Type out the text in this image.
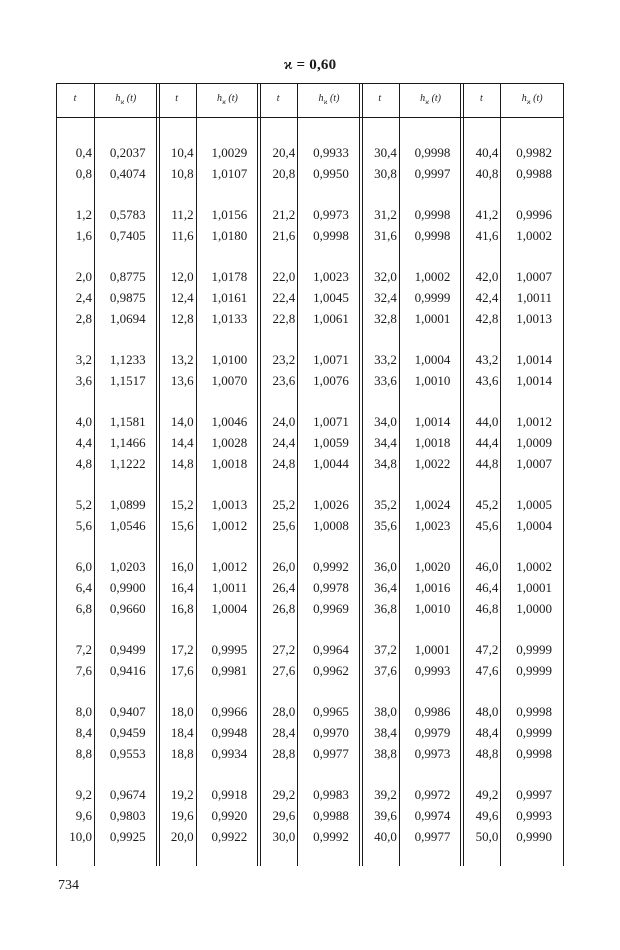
ϰ = 0,60
t	$h_ϰ$ (t)
0,4 0,2037
0,8 0,4074
1,2 0,5783
1,6 0,7405
2,0 0,8775
2,4 0,9875
2,8 1,0694
3,2 1,1233
3,6 1,1517
4,0 1,1581
4,4 1,1466
4,8 1,1222
5,2 1,0899
5,6 1,0546
6,0 1,0203
6,4 0,9900
6,8 0,9660
7,2 0,9499
7,6 0,9416
8,0 0,9407
8,4 0,9459
8,8 0,9553
9,2 0,9674
9,6 0,9803
10,0 0,9925
t	$h_ϰ$ (t)
10,4 1,0029
10,8 1,0107
11,2 1,0156
11,6 1,0180
12,0 1,0178
12,4 1,0161
12,8 1,0133
13,2 1,0100
13,6 1,0070
14,0 1,0046
14,4 1,0028
14,8 1,0018
15,2 1,0013
15,6 1,0012
16,0 1,0012
16,4 1,0011
16,8 1,0004
17,2 0,9995
17,6 0,9981
18,0 0,9966
18,4 0,9948
18,8 0,9934
19,2 0,9918
19,6 0,9920
20,0 0,9922
t	$h_ϰ$ (t)
20,4 0,9933
20,8 0,9950
21,2 0,9973
21,6 0,9998
22,0 1,0023
22,4 1,0045
22,8 1,0061
23,2 1,0071
23,6 1,0076
24,0 1,0071
24,4 1,0059
24,8 1,0044
25,2 1,0026
25,6 1,0008
26,0 0,9992
26,4 0,9978
26,8 0,9969
27,2 0,9964
27,6 0,9962
28,0 0,9965
28,4 0,9970
28,8 0,9977
29,2 0,9983
29,6 0,9988
30,0 0,9992
t	$h_ϰ$ (t)
30,4 0,9998
30,8 0,9997
31,2 0,9998
31,6 0,9998
32,0 1,0002
32,4 0,9999
32,8 1,0001
33,2 1,0004
33,6 1,0010
34,0 1,0014
34,4 1,0018
34,8 1,0022
35,2 1,0024
35,6 1,0023
36,0 1,0020
36,4 1,0016
36,8 1,0010
37,2 1,0001
37,6 0,9993
38,0 0,9986
38,4 0,9979
38,8 0,9973
39,2 0,9972
39,6 0,9974
40,0 0,9977
t	$h_ϰ$ (t)
40,4 0,9982
40,8 0,9988
41,2 0,9996
41,6 1,0002
42,0 1,0007
42,4 1,0011
42,8 1,0013
43,2 1,0014
43,6 1,0014
44,0 1,0012
44,4 1,0009
44,8 1,0007
45,2 1,0005
45,6 1,0004
46,0 1,0002
46,4 1,0001
46,8 1,0000
47,2 0,9999
47,6 0,9999
48,0 0,9998
48,4 0,9999
48,8 0,9998
49,2 0,9997
49,6 0,9993
50,0 0,9990
734
